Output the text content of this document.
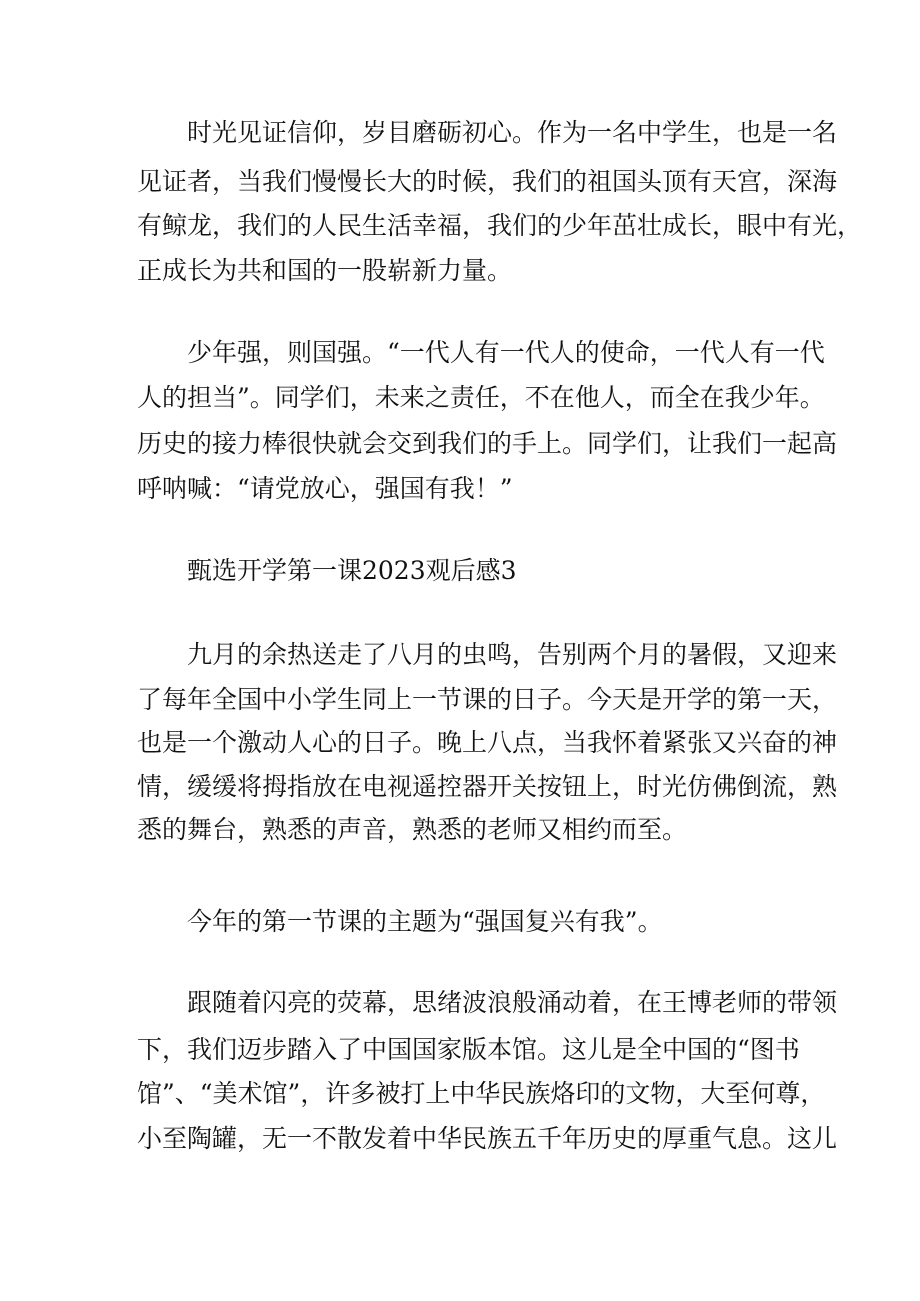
时光见证信仰，岁目磨砺初心。作为一名中学生，也是一名
见证者，当我们慢慢长大的时候，我们的祖国头顶有天宫，深海
有鲸龙，我们的人民生活幸福，我们的少年茁壮成长，眼中有光，
正成长为共和国的一股崭新力量。
少年强，则国强。“一代人有一代人的使命，一代人有一代
人的担当”。同学们，未来之责任，不在他人，而全在我少年。
历史的接力棒很快就会交到我们的手上。同学们，让我们一起高
呼呐喊：“请党放心，强国有我！”
甄选开学第一课2023观后感3
九月的余热送走了八月的虫鸣，告别两个月的暑假，又迎来
了每年全国中小学生同上一节课的日子。今天是开学的第一天，
也是一个激动人心的日子。晚上八点，当我怀着紧张又兴奋的神
情，缓缓将拇指放在电视遥控器开关按钮上，时光仿佛倒流，熟
悉的舞台，熟悉的声音，熟悉的老师又相约而至。
今年的第一节课的主题为“强国复兴有我”。
跟随着闪亮的荧幕，思绪波浪般涌动着，在王博老师的带领
下，我们迈步踏入了中国国家版本馆。这儿是全中国的“图书
馆”、“美术馆”，许多被打上中华民族烙印的文物，大至何尊，
小至陶罐，无一不散发着中华民族五千年历史的厚重气息。这儿
